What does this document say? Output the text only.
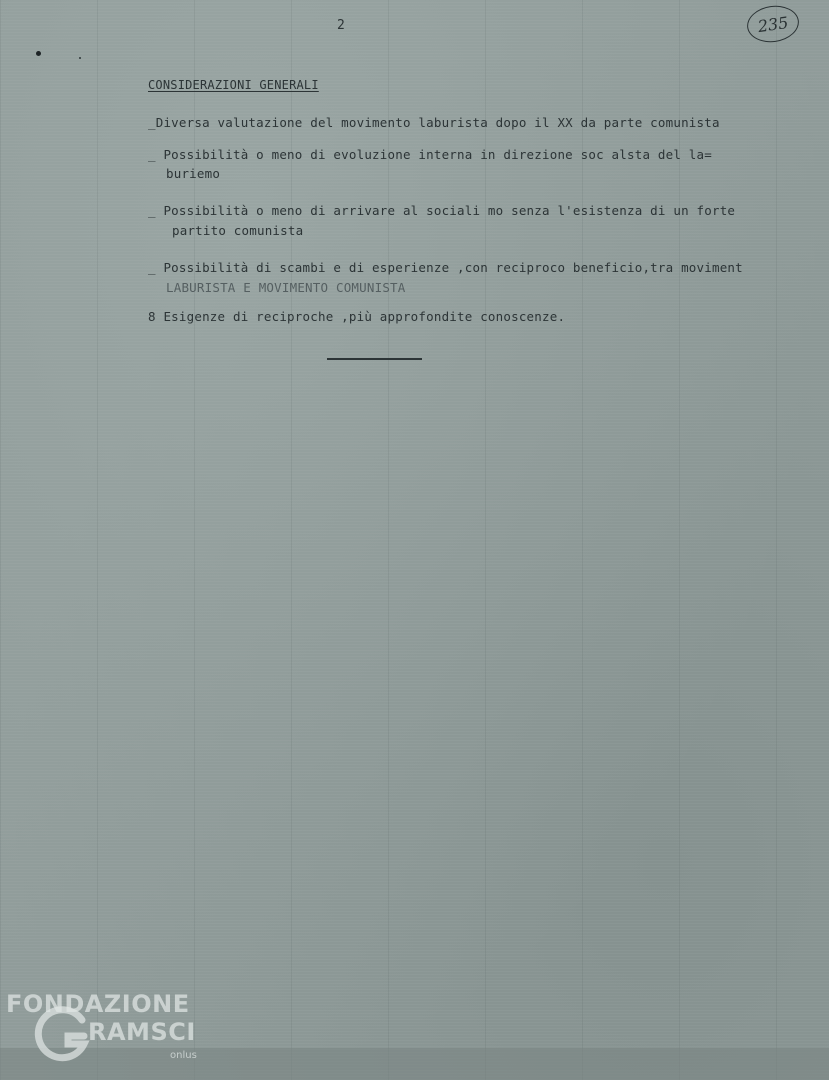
2	235
CONSIDERAZIONI GENERALI
_Diversa valutazione del movimento laburista dopo il XX da parte comunista
_ Possibilità o meno di evoluzione interna in direzione soc alsta del la=
buriemo
_ Possibilità o meno di arrivare al sociali mo senza l'esistenza di un forte
partito comunista
_ Possibilità di scambi e di esperienze ,con reciproco beneficio,tra moviment
LABURISTA E MOVIMENTO COMUNISTA
8 Esigenze di reciproche ,più approfondite conoscenze.
FONDAZIONE
RAMSCI
onlus
